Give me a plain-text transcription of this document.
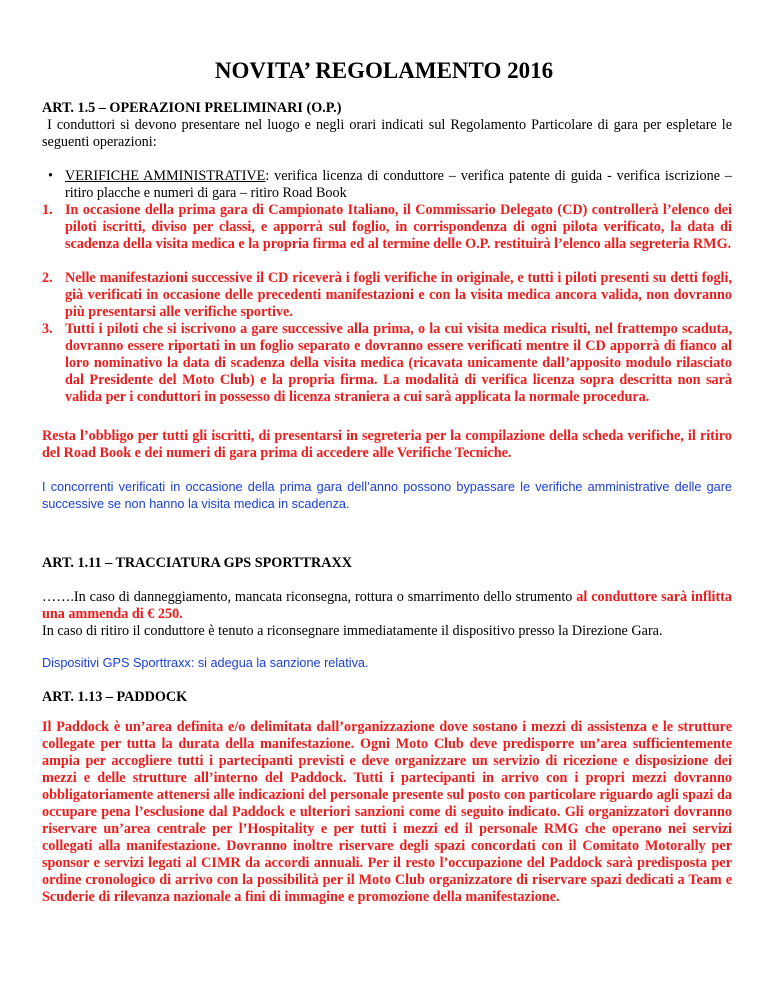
NOVITA’ REGOLAMENTO 2016

ART. 1.5 – OPERAZIONI PRELIMINARI (O.P.)

I conduttori si devono presentare nel luogo e negli orari indicati sul Regolamento Particolare di gara per espletare le seguenti operazioni:

• VERIFICHE AMMINISTRATIVE: verifica licenza di conduttore – verifica patente di guida - verifica iscrizione – ritiro placche e numeri di gara – ritiro Road Book

1. In occasione della prima gara di Campionato Italiano, il Commissario Delegato (CD) controllerà l’elenco dei piloti iscritti, diviso per classi, e apporrà sul foglio, in corrispondenza di ogni pilota verificato, la data di scadenza della visita medica e la propria firma ed al termine delle O.P. restituirà l’elenco alla segreteria RMG.

2. Nelle manifestazioni successive il CD riceverà i fogli verifiche in originale, e tutti i piloti presenti su detti fogli, già verificati in occasione delle precedenti manifestazioni e con la visita medica ancora valida, non dovranno più presentarsi alle verifiche sportive.

3. Tutti i piloti che si iscrivono a gare successive alla prima, o la cui visita medica risulti, nel frattempo scaduta, dovranno essere riportati in un foglio separato e dovranno essere verificati mentre il CD apporrà di fianco al loro nominativo la data di scadenza della visita medica (ricavata unicamente dall’apposito modulo rilasciato dal Presidente del Moto Club) e la propria firma. La modalità di verifica licenza sopra descritta non sarà valida per i conduttori in possesso di licenza straniera a cui sarà applicata la normale procedura.

Resta l’obbligo per tutti gli iscritti, di presentarsi in segreteria per la compilazione della scheda verifiche, il ritiro del Road Book e dei numeri di gara prima di accedere alle Verifiche Tecniche.

I concorrenti verificati in occasione della prima gara dell’anno possono bypassare le verifiche amministrative delle gare successive se non hanno la visita medica in scadenza.

ART. 1.11 – TRACCIATURA GPS SPORTTRAXX

…….In caso di danneggiamento, mancata riconsegna, rottura o smarrimento dello strumento al conduttore sarà inflitta una ammenda di € 250.

In caso di ritiro il conduttore è tenuto a riconsegnare immediatamente il dispositivo presso la Direzione Gara.

Dispositivi GPS Sporttraxx: si adegua la sanzione relativa.

ART. 1.13 – PADDOCK

Il Paddock è un’area definita e/o delimitata dall’organizzazione dove sostano i mezzi di assistenza e le strutture collegate per tutta la durata della manifestazione. Ogni Moto Club deve predisporre un’area sufficientemente ampia per accogliere tutti i partecipanti previsti e deve organizzare un servizio di ricezione e disposizione dei mezzi e delle strutture all’interno del Paddock. Tutti i partecipanti in arrivo con i propri mezzi dovranno obbligatoriamente attenersi alle indicazioni del personale presente sul posto con particolare riguardo agli spazi da occupare pena l’esclusione dal Paddock e ulteriori sanzioni come di seguito indicato. Gli organizzatori dovranno riservare un’area centrale per l’Hospitality e per tutti i mezzi ed il personale RMG che operano nei servizi collegati alla manifestazione. Dovranno inoltre riservare degli spazi concordati con il Comitato Motorally per sponsor e servizi legati al CIMR da accordi annuali. Per il resto l’occupazione del Paddock sarà predisposta per ordine cronologico di arrivo con la possibilità per il Moto Club organizzatore di riservare spazi dedicati a Team e Scuderie di rilevanza nazionale a fini di immagine e promozione della manifestazione.
